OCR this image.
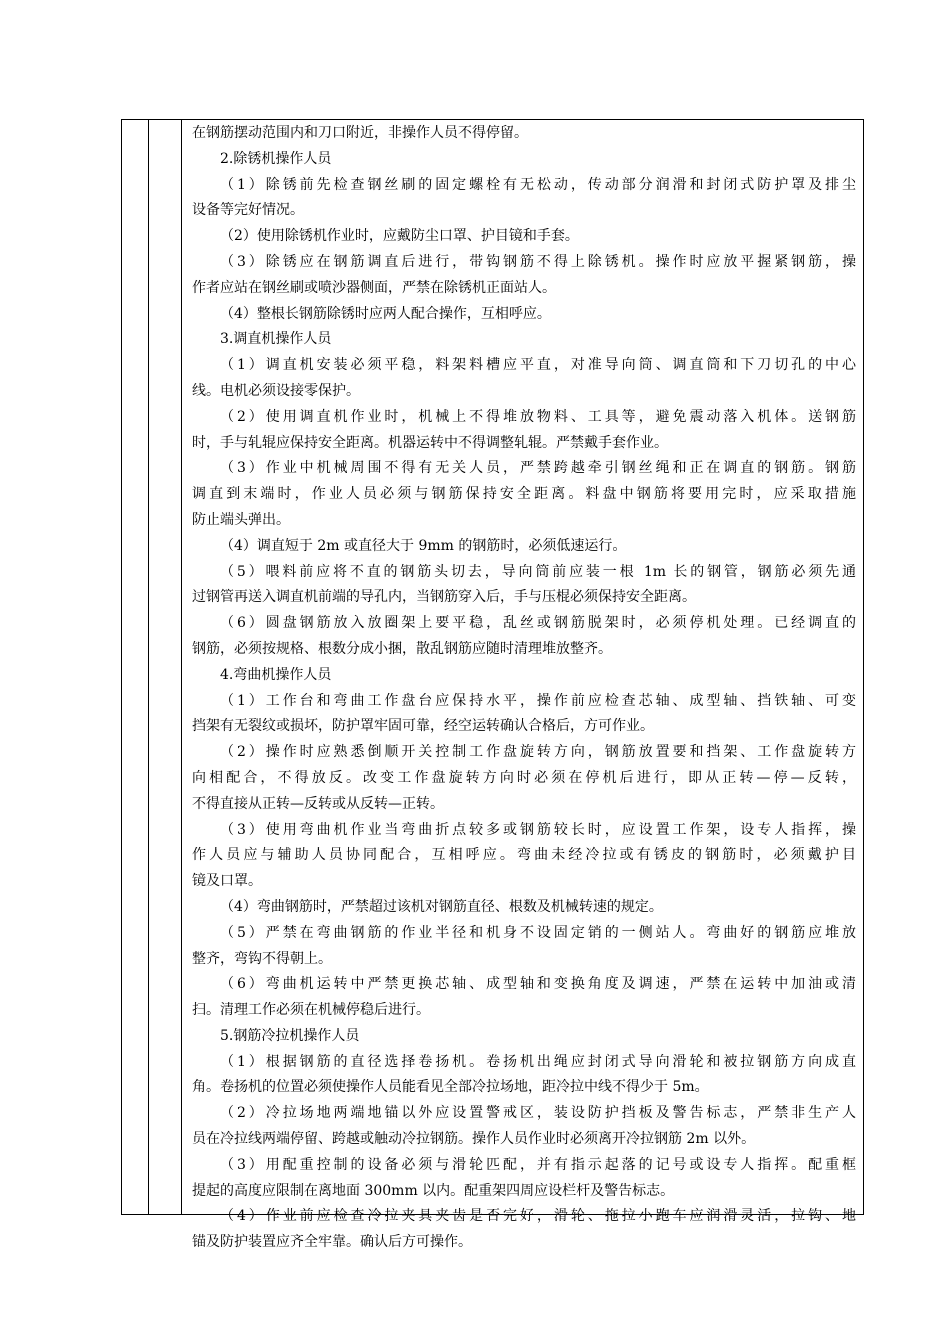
在钢筋摆动范围内和刀口附近，非操作人员不得停留。
2.除锈机操作人员
（1）除锈前先检查钢丝刷的固定螺栓有无松动，传动部分润滑和封闭式防护罩及排尘
设备等完好情况。
（2）使用除锈机作业时，应戴防尘口罩、护目镜和手套。
（3）除锈应在钢筋调直后进行，带钩钢筋不得上除锈机。操作时应放平握紧钢筋，操
作者应站在钢丝刷或喷沙器侧面，严禁在除锈机正面站人。
（4）整根长钢筋除锈时应两人配合操作，互相呼应。
3.调直机操作人员
（1）调直机安装必须平稳，料架料槽应平直，对准导向筒、调直筒和下刀切孔的中心
线。电机必须设接零保护。
（2）使用调直机作业时，机械上不得堆放物料、工具等，避免震动落入机体。送钢筋
时，手与轧辊应保持安全距离。机器运转中不得调整轧辊。严禁戴手套作业。
（3）作业中机械周围不得有无关人员，严禁跨越牵引钢丝绳和正在调直的钢筋。钢筋
调直到末端时，作业人员必须与钢筋保持安全距离。料盘中钢筋将要用完时，应采取措施
防止端头弹出。
（4）调直短于 2m 或直径大于 9mm 的钢筋时，必须低速运行。
（5）喂料前应将不直的钢筋头切去，导向筒前应装一根 1m 长的钢管，钢筋必须先通
过钢管再送入调直机前端的导孔内，当钢筋穿入后，手与压棍必须保持安全距离。
（6）圆盘钢筋放入放圈架上要平稳，乱丝或钢筋脱架时，必须停机处理。已经调直的
钢筋，必须按规格、根数分成小捆，散乱钢筋应随时清理堆放整齐。
4.弯曲机操作人员
（1）工作台和弯曲工作盘台应保持水平，操作前应检查芯轴、成型轴、挡铁轴、可变
挡架有无裂纹或损坏，防护罩牢固可靠，经空运转确认合格后，方可作业。
（2）操作时应熟悉倒顺开关控制工作盘旋转方向，钢筋放置要和挡架、工作盘旋转方
向相配合，不得放反。改变工作盘旋转方向时必须在停机后进行，即从正转—停—反转，
不得直接从正转—反转或从反转—正转。
（3）使用弯曲机作业当弯曲折点较多或钢筋较长时，应设置工作架，设专人指挥，操
作人员应与辅助人员协同配合，互相呼应。弯曲未经冷拉或有锈皮的钢筋时，必须戴护目
镜及口罩。
（4）弯曲钢筋时，严禁超过该机对钢筋直径、根数及机械转速的规定。
（5）严禁在弯曲钢筋的作业半径和机身不设固定销的一侧站人。弯曲好的钢筋应堆放
整齐，弯钩不得朝上。
（6）弯曲机运转中严禁更换芯轴、成型轴和变换角度及调速，严禁在运转中加油或清
扫。清理工作必须在机械停稳后进行。
5.钢筋冷拉机操作人员
（1）根据钢筋的直径选择卷扬机。卷扬机出绳应封闭式导向滑轮和被拉钢筋方向成直
角。卷扬机的位置必须使操作人员能看见全部冷拉场地，距冷拉中线不得少于 5m。
（2）冷拉场地两端地锚以外应设置警戒区，装设防护挡板及警告标志，严禁非生产人
员在冷拉线两端停留、跨越或触动冷拉钢筋。操作人员作业时必须离开冷拉钢筋 2m 以外。
（3）用配重控制的设备必须与滑轮匹配，并有指示起落的记号或设专人指挥。配重框
提起的高度应限制在离地面 300mm 以内。配重架四周应设栏杆及警告标志。
（4）作业前应检查冷拉夹具夹齿是否完好，滑轮、拖拉小跑车应润滑灵活，拉钩、地
锚及防护装置应齐全牢靠。确认后方可操作。
